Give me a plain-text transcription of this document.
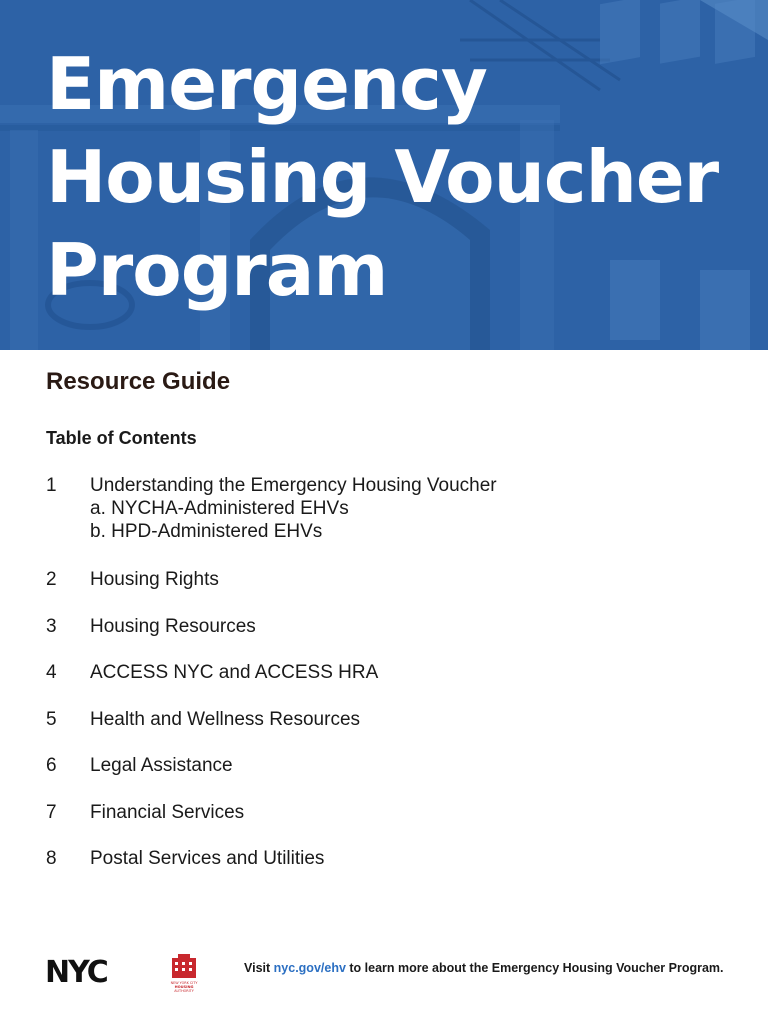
Emergency
Housing Voucher
Program
Resource Guide
Table of Contents
1	Understanding the Emergency Housing Voucher
a. NYCHA-Administered EHVs
b. HPD-Administered EHVs
2	Housing Rights
3	Housing Resources
4	ACCESS NYC and ACCESS HRA
5	Health and Wellness Resources
6	Legal Assistance
7	Financial Services
8	Postal Services and Utilities
NYC	NEW YORK CITY
HOUSING
AUTHORITY
Visit nyc.gov/ehv to learn more about the Emergency Housing Voucher Program.
